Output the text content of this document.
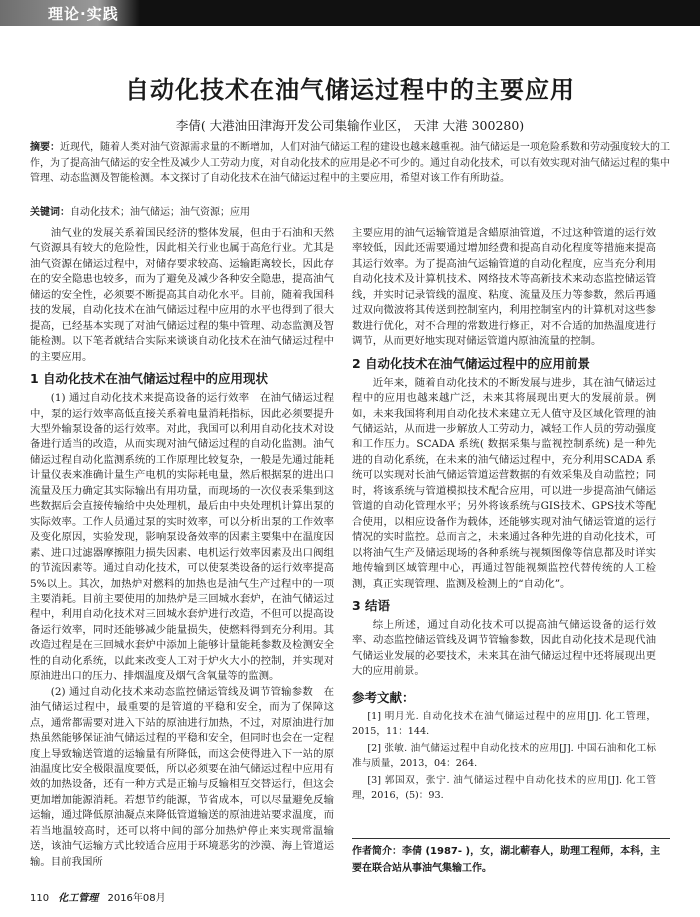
理论·实践
自动化技术在油气储运过程中的主要应用
李倩( 大港油田津海开发公司集输作业区， 天津 大港 300280)
摘要：近现代，随着人类对油气资源需求量的不断增加，人们对油气储运工程的建设也越来越重视。油气储运是一项危险系数和劳动强度较大的工作，为了提高油气储运的安全性及减少人工劳动力度，对自动化技术的应用是必不可少的。通过自动化技术，可以有效实现对油气储运过程的集中管理、动态监测及智能检测。本文探讨了自动化技术在油气储运过程中的主要应用，希望对该工作有所助益。
关键词：自动化技术；油气储运；油气资源；应用

油气业的发展关系着国民经济的整体发展，但由于石油和天然气资源具有较大的危险性，因此相关行业也属于高危行业。尤其是油气资源在储运过程中，对储存要求较高、运输距离较长，因此存在的安全隐患也较多，而为了避免及减少各种安全隐患，提高油气储运的安全性，必须要不断提高其自动化水平。目前，随着我国科技的发展，自动化技术在油气储运过程中应用的水平也得到了很大提高，已经基本实现了对油气储运过程的集中管理、动态监测及智能检测。以下笔者就结合实际来谈谈自动化技术在油气储运过程中的主要应用。

1 自动化技术在油气储运过程中的应用现状

(1) 通过自动化技术来提高设备的运行效率　在油气储运过程中，泵的运行效率高低直接关系着电量消耗指标，因此必须要提升大型外输泵设备的运行效率。对此，我国可以利用自动化技术对设备进行适当的改造，从而实现对油气储运过程的自动化监测。油气储运过程自动化监测系统的工作原理比较复杂，一般是先通过能耗计量仪表来准确计量生产电机的实际耗电量，然后根据泵的进出口流量及压力确定其实际输出有用功量，而现场的一次仪表采集到这些数据后会直接传输给中央处理机，最后由中央处理机计算出泵的实际效率。工作人员通过泵的实时效率，可以分析出泵的工作效率及变化原因，实验发现，影响泵设备效率的因素主要集中在温度因素、进口过滤器摩擦阻力损失因素、电机运行效率因素及出口阀组的节流因素等。通过自动化技术，可以使泵类设备的运行效率提高5%以上。其次，加热炉对燃料的加热也是油气生产过程中的一项主要消耗。目前主要使用的加热炉是三回城水套炉，在油气储运过程中，利用自动化技术对三回城水套炉进行改造，不但可以提高设备运行效率，同时还能够减少能量损失，使燃料得到充分利用。其改造过程是在三回城水套炉中添加上能够计量能耗参数及检测安全性的自动化系统，以此来改变人工对于炉火大小的控制，并实现对原油进出口的压力、排烟温度及烟气含氧量等的监测。

(2) 通过自动化技术来动态监控储运管线及调节管输参数　在油气储运过程中，最重要的是管道的平稳和安全，而为了保障这点，通常都需要对进入下站的原油进行加热，不过，对原油进行加热虽然能够保证油气储运过程的平稳和安全，但同时也会在一定程度上导致输送管道的运输量有所降低，而这会使得进入下一站的原油温度比安全极限温度要低，所以必须要在油气储运过程中应用有效的加热设备，还有一种方式是正输与反输相互交替运行，但这会更加增加能源消耗。若想节约能源，节省成本，可以尽量避免反输运输，通过降低原油凝点来降低管道输送的原油进站要求温度，而若当地温较高时，还可以将中间的部分加热炉停止来实现常温输送，该油气运输方式比较适合应用于环境恶劣的沙漠、海上管道运输。目前我国所

主要应用的油气运输管道是含蜡原油管道，不过这种管道的运行效率较低，因此还需要通过增加经费和提高自动化程度等措施来提高其运行效率。为了提高油气运输管道的自动化程度，应当充分利用自动化技术及计算机技术、网络技术等高新技术来动态监控储运管线，并实时记录管线的温度、粘度、流量及压力等参数，然后再通过双向微波将其传送到控制室内，利用控制室内的计算机对这些参数进行优化，对不合理的常数进行修正，对不合适的加热温度进行调节，从而更好地实现对储运管道内原油流量的控制。

2 自动化技术在油气储运过程中的应用前景

近年来，随着自动化技术的不断发展与进步，其在油气储运过程中的应用也越来越广泛，未来其将展现出更大的发展前景。例如，未来我国将利用自动化技术来建立无人值守及区域化管理的油气储运站，从而进一步解放人工劳动力，减轻工作人员的劳动强度和工作压力。SCADA 系统( 数据采集与监视控制系统) 是一种先进的自动化系统，在未来的油气储运过程中，充分利用SCADA 系统可以实现对长油气储运管道运营数据的有效采集及自动监控；同时，将该系统与管道模拟技术配合应用，可以进一步提高油气储运管道的自动化管理水平；另外将该系统与GIS技术、GPS技术等配合使用，以相应设备作为载体，还能够实现对油气储运管道的运行情况的实时监控。总而言之，未来通过各种先进的自动化技术，可以将油气生产及储运现场的各种系统与视频图像等信息都及时详实地传输到区域管理中心，再通过智能视频监控代替传统的人工检测，真正实现管理、监测及检测上的“自动化”。

3 结语

综上所述，通过自动化技术可以提高油气储运设备的运行效率、动态监控储运管线及调节管输参数，因此自动化技术是现代油气储运业发展的必要技术，未来其在油气储运过程中还将展现出更大的应用前景。

参考文献：
[1] 明月光. 自动化技术在油气储运过程中的应用[J]. 化工管理，2015，11：144.
[2] 张敏. 油气储运过程中自动化技术的应用[J]. 中国石油和化工标准与质量，2013，04：264.
[3] 郭国双，张宁. 油气储运过程中自动化技术的应用[J]. 化工管理，2016，(5)：93.
作者简介：李倩 (1987- )，女，湖北蕲春人，助理工程师，本科，主要在联合站从事油气集输工作。
110 化工管理 2016年08月
